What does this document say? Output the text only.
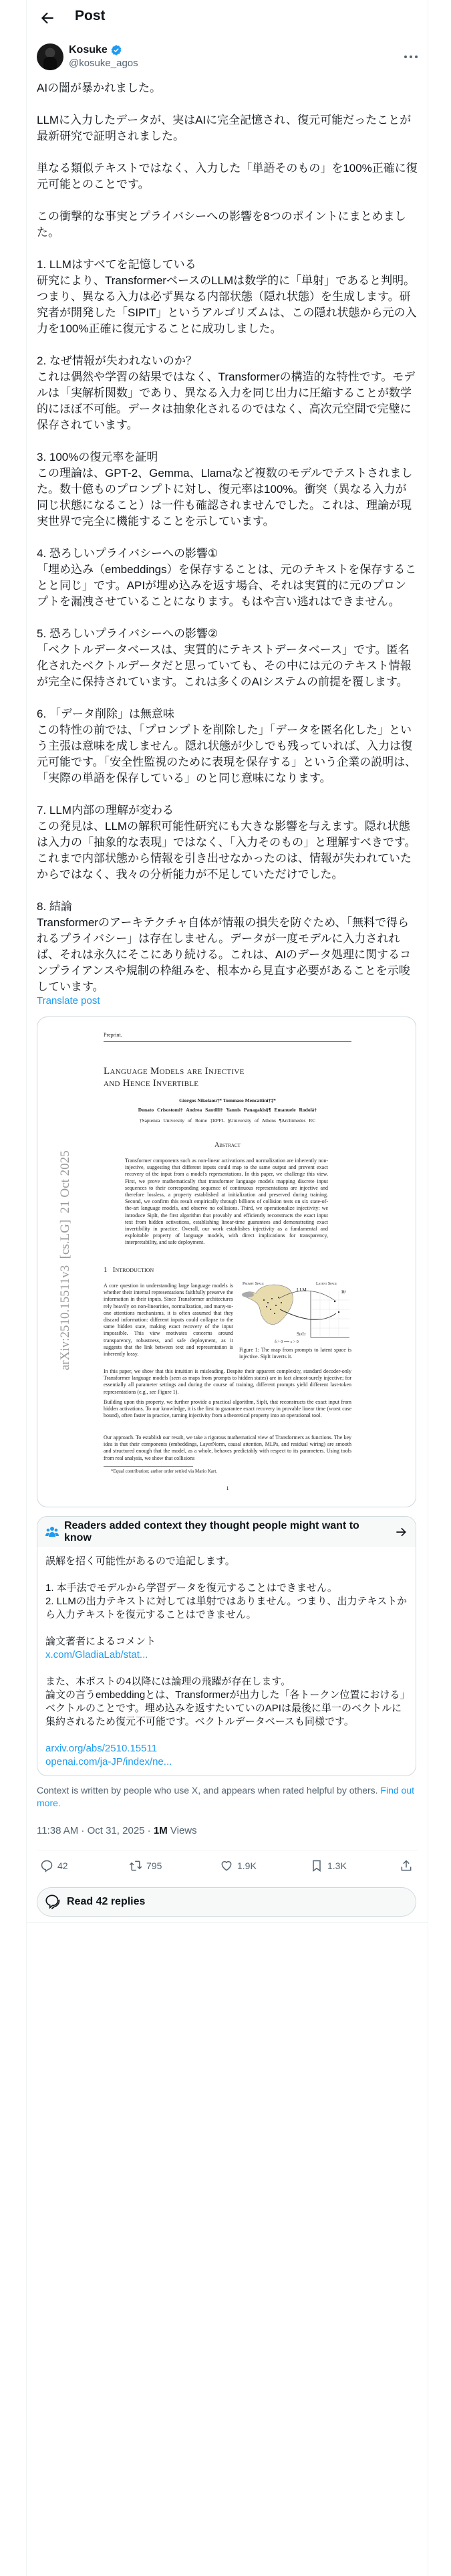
Post
Kosuke
@kosuke_agos

AIの闇が暴かれました。

LLMに入力したデータが、実はAIに完全記憶され、復元可能だったことが最新研究で証明されました。

単なる類似テキストではなく、入力した「単語そのもの」を100%正確に復元可能とのことです。

この衝撃的な事実とプライバシーへの影響を8つのポイントにまとめました。

1. LLMはすべてを記憶している
研究により、TransformerベースのLLMは数学的に「単射」であると判明。つまり、異なる入力は必ず異なる内部状態（隠れ状態）を生成します。研究者が開発した「SIPIT」というアルゴリズムは、この隠れ状態から元の入力を100%正確に復元することに成功しました。

2. なぜ情報が失われないのか？
これは偶然や学習の結果ではなく、Transformerの構造的な特性です。モデルは「実解析関数」であり、異なる入力を同じ出力に圧縮することが数学的にほぼ不可能。データは抽象化されるのではなく、高次元空間で完璧に保存されています。

3. 100%の復元率を証明
この理論は、GPT-2、Gemma、Llamaなど複数のモデルでテストされました。数十億ものプロンプトに対し、復元率は100%。衝突（異なる入力が同じ状態になること）は一件も確認されませんでした。これは、理論が現実世界で完全に機能することを示しています。

4. 恐ろしいプライバシーへの影響①
「埋め込み（embeddings）を保存することは、元のテキストを保存することと同じ」です。APIが埋め込みを返す場合、それは実質的に元のプロンプトを漏洩させていることになります。もはや言い逃れはできません。

5. 恐ろしいプライバシーへの影響②
「ベクトルデータベースは、実質的にテキストデータベース」です。匿名化されたベクトルデータだと思っていても、その中には元のテキスト情報が完全に保持されています。これは多くのAIシステムの前提を覆します。

6. 「データ削除」は無意味
この特性の前では、「プロンプトを削除した」「データを匿名化した」という主張は意味を成しません。隠れ状態が少しでも残っていれば、入力は復元可能です。「安全性監視のために表現を保存する」という企業の説明は、「実際の単語を保存している」のと同じ意味になります。

7. LLM内部の理解が変わる
この発見は、LLMの解釈可能性研究にも大きな影響を与えます。隠れ状態は入力の「抽象的な表現」ではなく、「入力そのもの」と理解すべきです。これまで内部状態から情報を引き出せなかったのは、情報が失われていたからではなく、我々の分析能力が不足していただけでした。

8. 結論
Transformerのアーキテクチャ自体が情報の損失を防ぐため、「無料で得られるプライバシー」は存在しません。データが一度モデルに入力されれば、それは永久にそこにあり続ける。これは、AIのデータ処理に関するコンプライアンスや規制の枠組みを、根本から見直す必要があることを示唆しています。

Translate post
Preprint.
Language Models are Injective
and Hence Invertible
Giorgos Nikolaou†* Tommaso Mencattini†‡*
Donato Crisostomi† Andrea Santilli† Yannis Panagakis§¶ Emanuele Rodolà†
†Sapienza University of Rome ‡EPFL §University of Athens ¶Archimedes RC
Abstract
Transformer components such as non-linear activations and normalization are inherently non-injective, suggesting that different inputs could map to the same output and prevent exact recovery of the input from a model's representations. In this paper, we challenge this view. First, we prove mathematically that transformer language models mapping discrete input sequences to their corresponding sequence of continuous representations are injective and therefore lossless, a property established at initialization and preserved during training. Second, we confirm this result empirically through billions of collision tests on six state-of-the-art language models, and observe no collisions. Third, we operationalize injectivity: we introduce SipIt, the first algorithm that provably and efficiently reconstructs the exact input text from hidden activations, establishing linear-time guarantees and demonstrating exact invertibility in practice. Overall, our work establishes injectivity as a fundamental and exploitable property of language models, with direct implications for transparency, interpretability, and safe deployment.
arXiv:2510.15511v3  [cs.LG]  21 Oct 2025	1   Introduction
A core question in understanding large language models is whether their internal representations faithfully preserve the information in their inputs. Since Transformer architectures rely heavily on non-linearities, normalization, and many-to-one attentions mechanisms, it is often assumed that they discard information: different inputs could collapse to the same hidden state, making exact recovery of the input impossible. This view motivates concerns around transparency, robustness, and safe deployment, as it suggests that the link between text and representation is inherently lossy.
Prompt Space	Latent Space
LLM
SipIt
ℝᵈ
δ > 0 ⟹ ε > 0
Figure 1: The map from prompts to latent space is injective. SipIt inverts it.
In this paper, we show that this intuition is misleading. Despite their apparent complexity, standard decoder-only Transformer language models (seen as maps from prompts to hidden states) are in fact almost-surely injective; for essentially all parameter settings and during the course of training, different prompts yield different last-token representations (e.g., see Figure 1).
Building upon this property, we further provide a practical algorithm, SipIt, that reconstructs the exact input from hidden activations. To our knowledge, it is the first to guarantee exact recovery in provable linear time (worst case bound), often faster in practice, turning injectivity from a theoretical property into an operational tool.
Our approach. To establish our result, we take a rigorous mathematical view of Transformers as functions. The key idea is that their components (embeddings, LayerNorm, causal attention, MLPs, and residual wiring) are smooth and structured enough that the model, as a whole, behaves predictably with respect to its parameters. Using tools from real analysis, we show that collisions
*Equal contribution; author order settled via Mario Kart.
1
Readers added context they thought people might want to know

誤解を招く可能性があるので追記します。

1. 本手法でモデルから学習データを復元することはできません。
2. LLMの出力テキストに対しては単射ではありません。つまり、出力テキストから入力テキストを復元することはできません。

論文著者によるコメント

x.com/GladiaLab/stat...

また、本ポストの4以降には論理の飛躍が存在します。
論文の言うembeddingとは、Transformerが出力した「各トークン位置における」ベクトルのことです。埋め込みを返すたいていのAPIは最後に単一のベクトルに集約されるため復元不可能です。ベクトルデータベースも同様です。

arxiv.org/abs/2510.15511
openai.com/ja-JP/index/ne...
Context is written by people who use X, and appears when rated helpful by others. Find out more.
11:38 AM · Oct 31, 2025 · 1M Views
42	795	1.9K	1.3K
Read 42 replies
